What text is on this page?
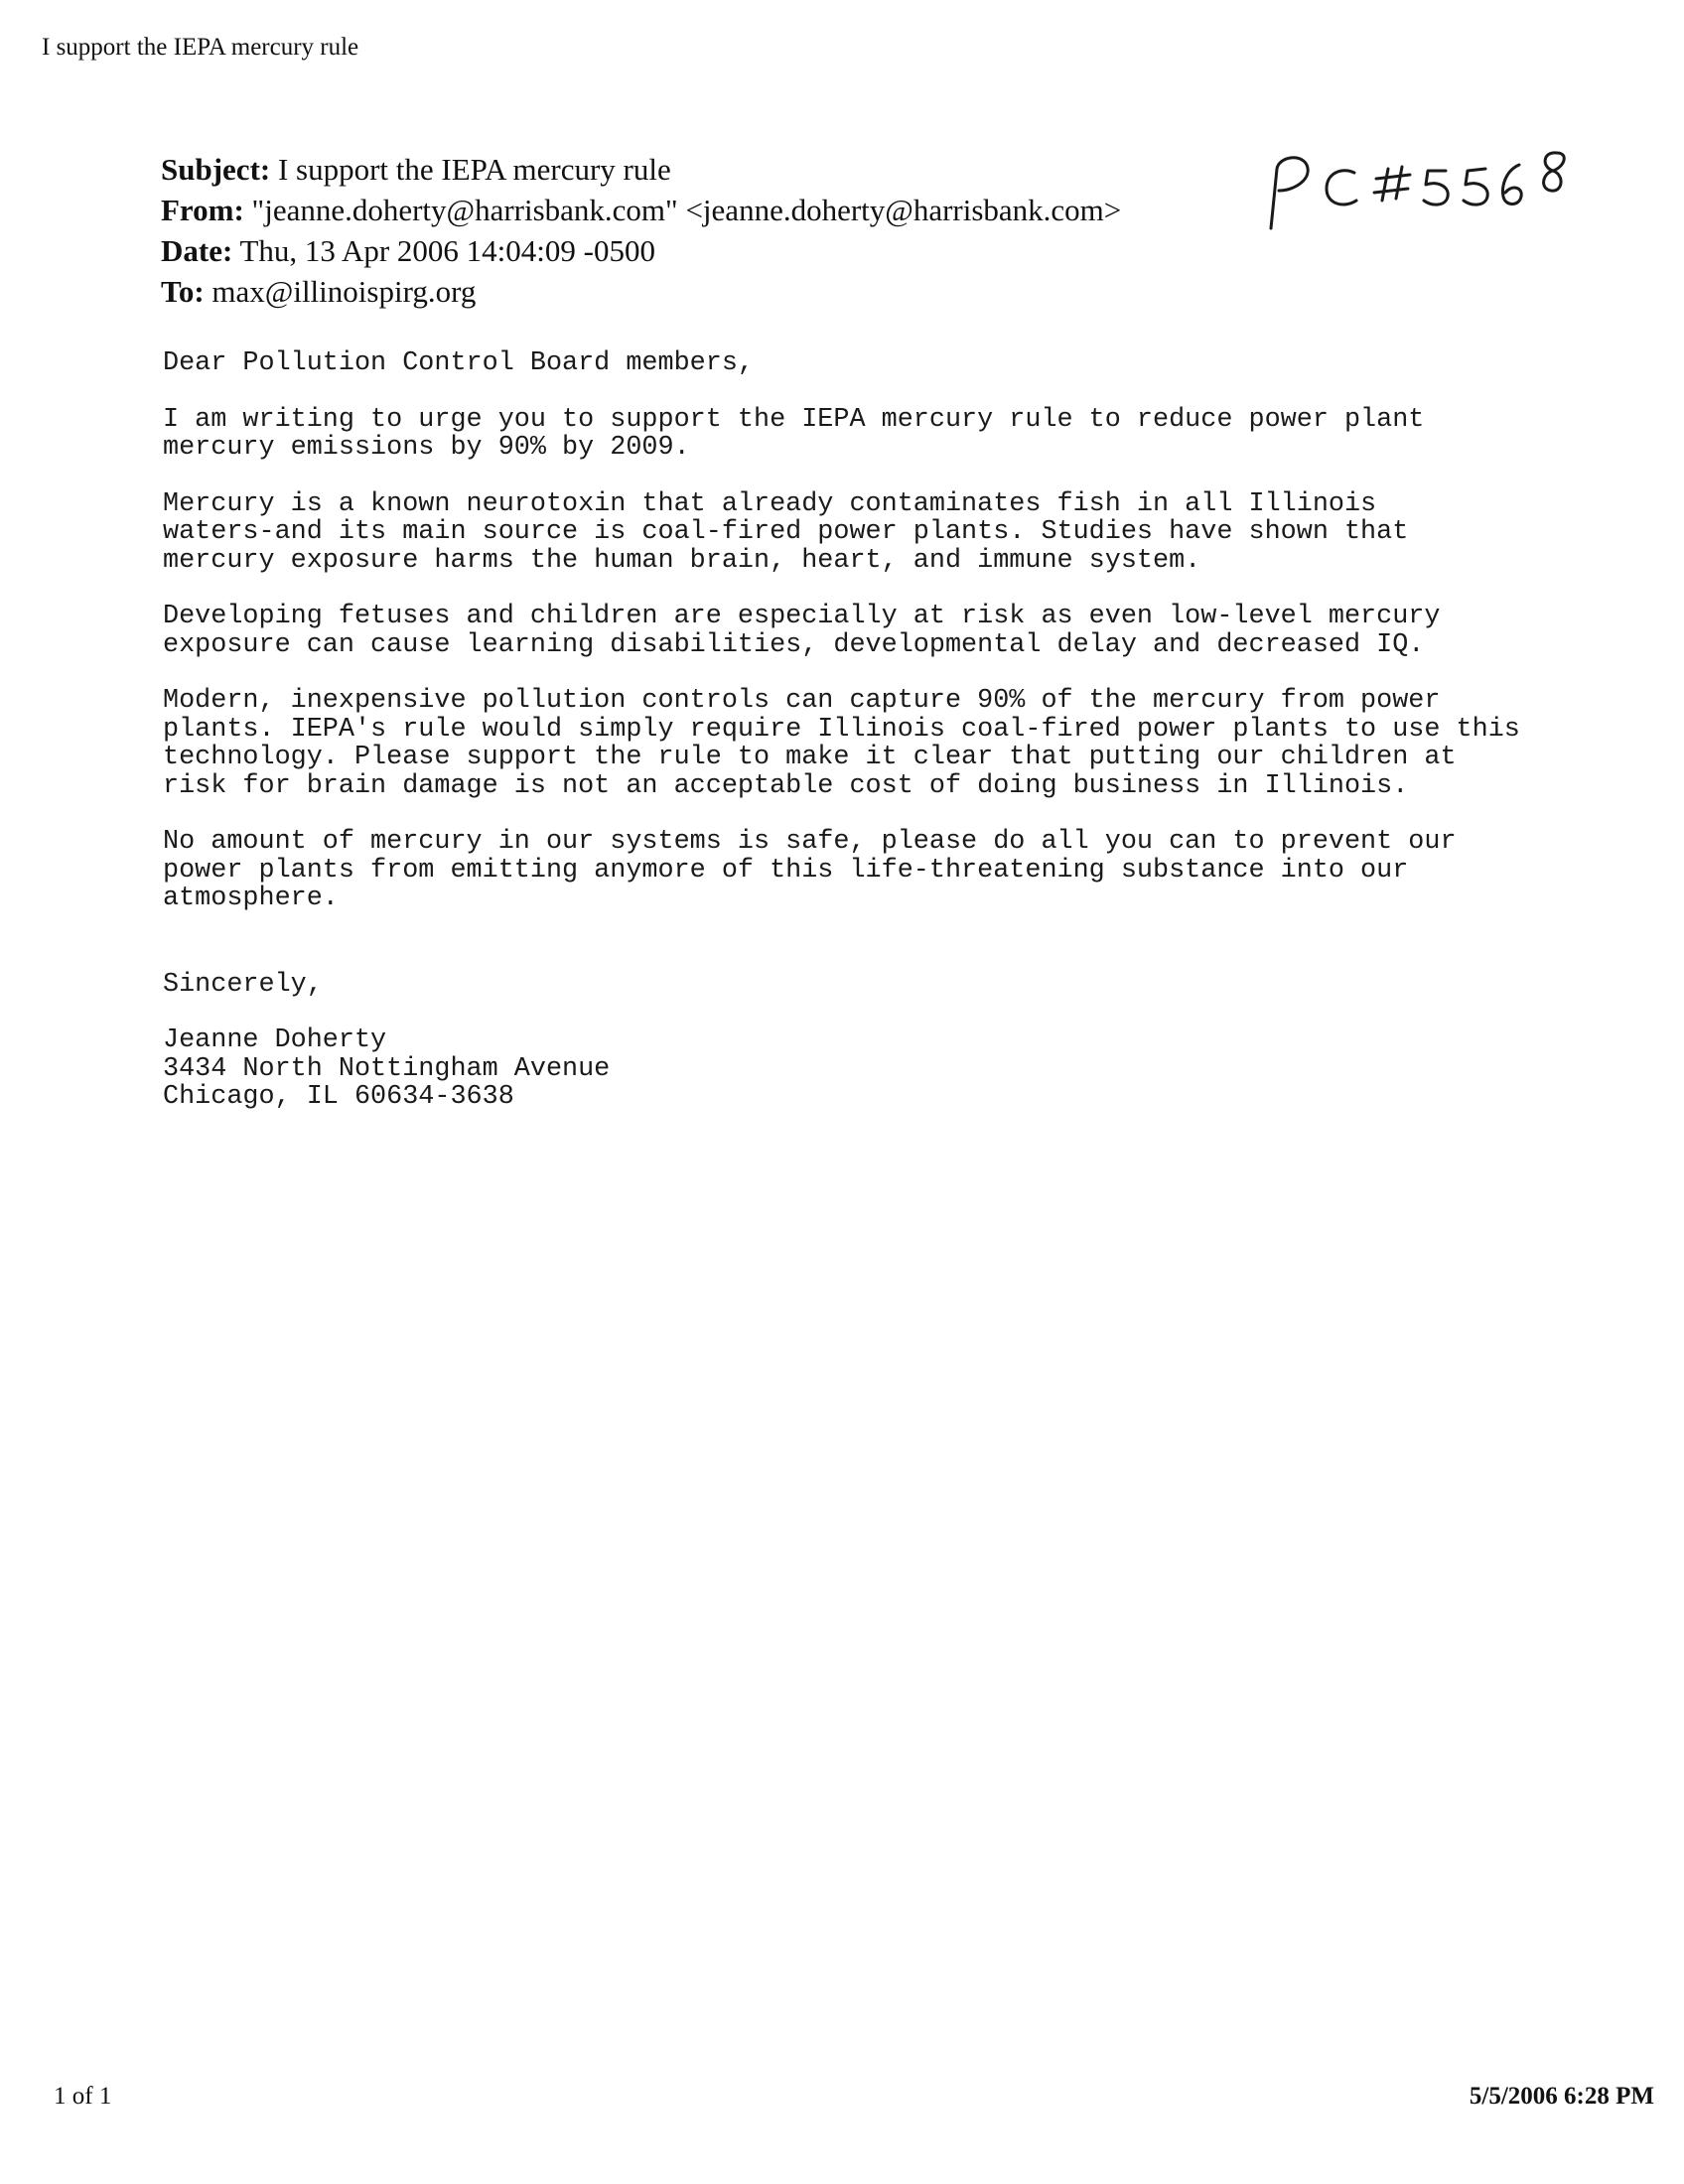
I support the IEPA mercury rule
Subject: I support the IEPA mercury rule
From: "jeanne.doherty@harrisbank.com" <jeanne.doherty@harrisbank.com>
Date: Thu, 13 Apr 2006 14:04:09 -0500
To: max@illinoispirg.org
PC #5568

Dear Pollution Control Board members,

I am writing to urge you to support the IEPA mercury rule to reduce power plant
mercury emissions by 90% by 2009.

Mercury is a known neurotoxin that already contaminates fish in all Illinois
waters-and its main source is coal-fired power plants. Studies have shown that
mercury exposure harms the human brain, heart, and immune system.

Developing fetuses and children are especially at risk as even low-level mercury
exposure can cause learning disabilities, developmental delay and decreased IQ.

Modern, inexpensive pollution controls can capture 90% of the mercury from power
plants. IEPA's rule would simply require Illinois coal-fired power plants to use this
technology. Please support the rule to make it clear that putting our children at
risk for brain damage is not an acceptable cost of doing business in Illinois.

No amount of mercury in our systems is safe, please do all you can to prevent our
power plants from emitting anymore of this life-threatening substance into our
atmosphere.

Sincerely,

Jeanne Doherty

3434 North Nottingham Avenue

Chicago, IL 60634-3638

1 of 1	5/5/2006 6:28 PM
